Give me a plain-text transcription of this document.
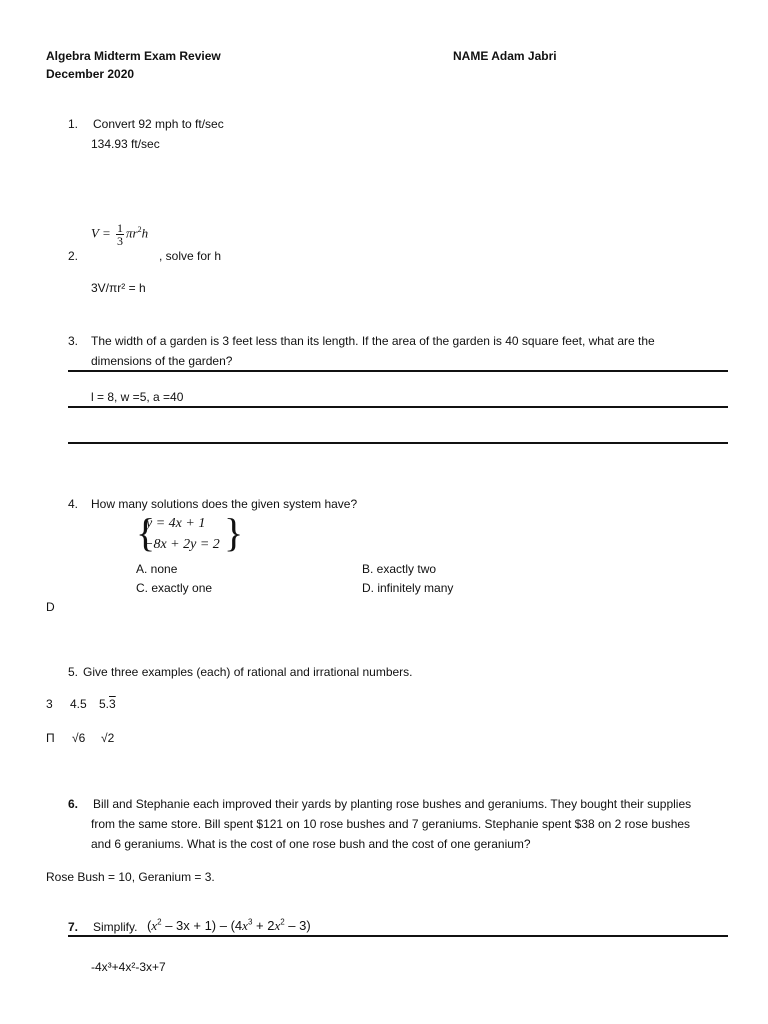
Algebra Midterm Exam Review
December 2020
NAME Adam Jabri
1. Convert 92 mph to ft/sec
134.93 ft/sec
2.
$V = \frac{1}{3} \pi r^2h$
, solve for h
3V/πr² = h
3. The width of a garden is 3 feet less than its length. If the area of the garden is 40 square feet, what are the
dimensions of the garden?
l = 8, w =5, a =40
4. How many solutions does the given system have?
{
y = 4x + 1
−8x + 2y = 2 }
A. none	B. exactly two
C. exactly one	D. infinitely many
D
5. Give three examples (each) of rational and irrational numbers.
3 4.5 5.3
Π √6 √2
6. Bill and Stephanie each improved their yards by planting rose bushes and geraniums. They bought their supplies
from the same store. Bill spent $121 on 10 rose bushes and 7 geraniums. Stephanie spent $38 on 2 rose bushes
and 6 geraniums. What is the cost of one rose bush and the cost of one geranium?
Rose Bush = 10, Geranium = 3.
7. Simplify. $(x^2 - 3x + 1) - (4x^3 + 2x^2 - 3)$
-4x³+4x²-3x+7
